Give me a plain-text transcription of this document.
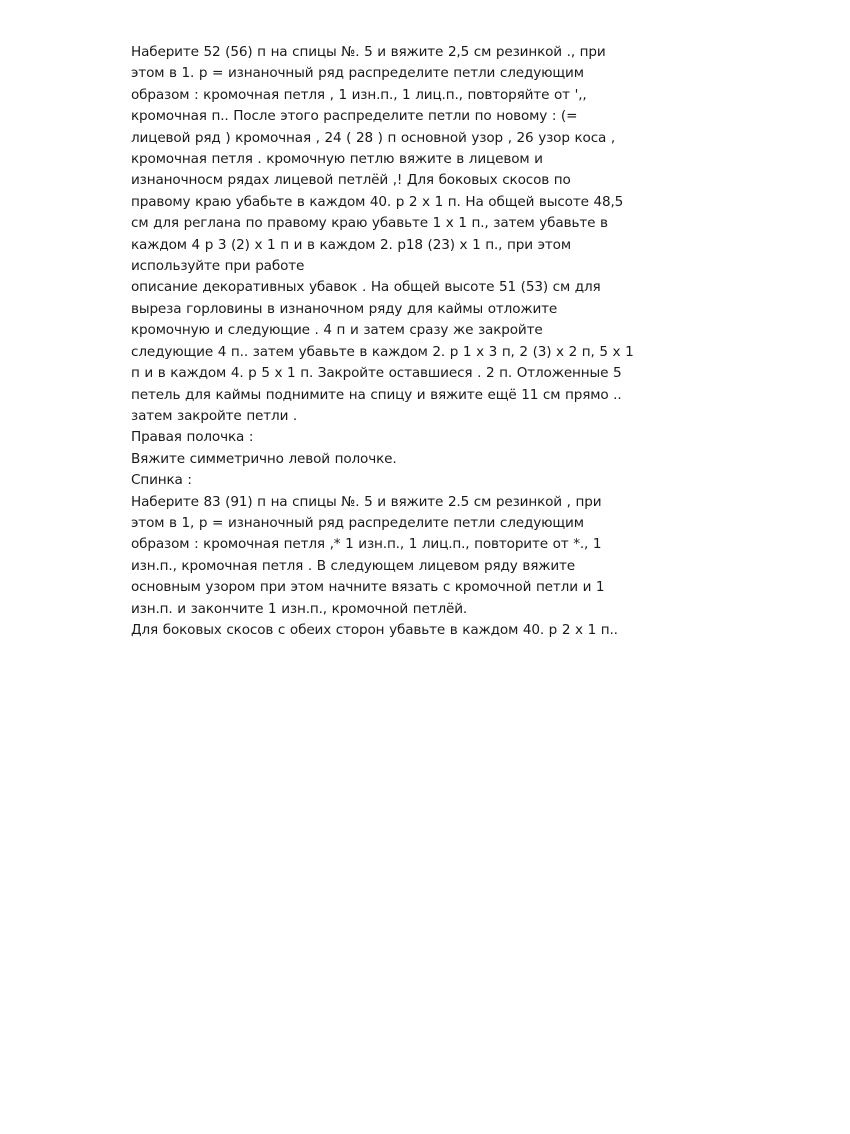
Наберите 52 (56) п на спицы №. 5 и вяжите 2,5 см резинкой ., при
этом в 1. р = изнаночный ряд распределите петли следующим
образом : кромочная петля , 1 изн.п., 1 лиц.п., повторяйте от ',,
кромочная п.. После этого распределите петли по новому : (=
лицевой ряд ) кромочная , 24 ( 28 ) п основной узор , 26 узор коса ,
кромочная петля . кромочную петлю вяжите в лицевом и
изнаночносм рядах лицевой петлёй ,! Для боковых скосов по
правому краю убабьте в каждом 40. р 2 х 1 п. На общей высоте 48,5
см для реглана по правому краю убавьте 1 х 1 п., затем убавьте в
каждом 4 р 3 (2) х 1 п и в каждом 2. р18 (23) х 1 п., при этом
используйте при работе
описание декоративных убавок . На общей высоте 51 (53) см для
выреза горловины в изнаночном ряду для каймы отложите
кромочную и следующие . 4 п и затем сразу же закройте
следующие 4 п.. затем убавьте в каждом 2. р 1 х 3 п, 2 (3) х 2 п, 5 х 1
п и в каждом 4. р 5 х 1 п. Закройте оставшиеся . 2 п. Отложенные 5
петель для каймы поднимите на спицу и вяжите ещё 11 см прямо ..
затем закройте петли .
Правая полочка :
Вяжите симметрично левой полочке.
Спинка :
Наберите 83 (91) п на спицы №. 5 и вяжите 2.5 см резинкой , при
этом в 1, р = изнаночный ряд распределите петли следующим
образом : кромочная петля ,* 1 изн.п., 1 лиц.п., повторите от *., 1
изн.п., кромочная петля . В следующем лицевом ряду вяжите
основным узором при этом начните вязать с кромочной петли и 1
изн.п. и закончите 1 изн.п., кромочной петлёй.
Для боковых скосов с обеих сторон убавьте в каждом 40. р 2 х 1 п..
